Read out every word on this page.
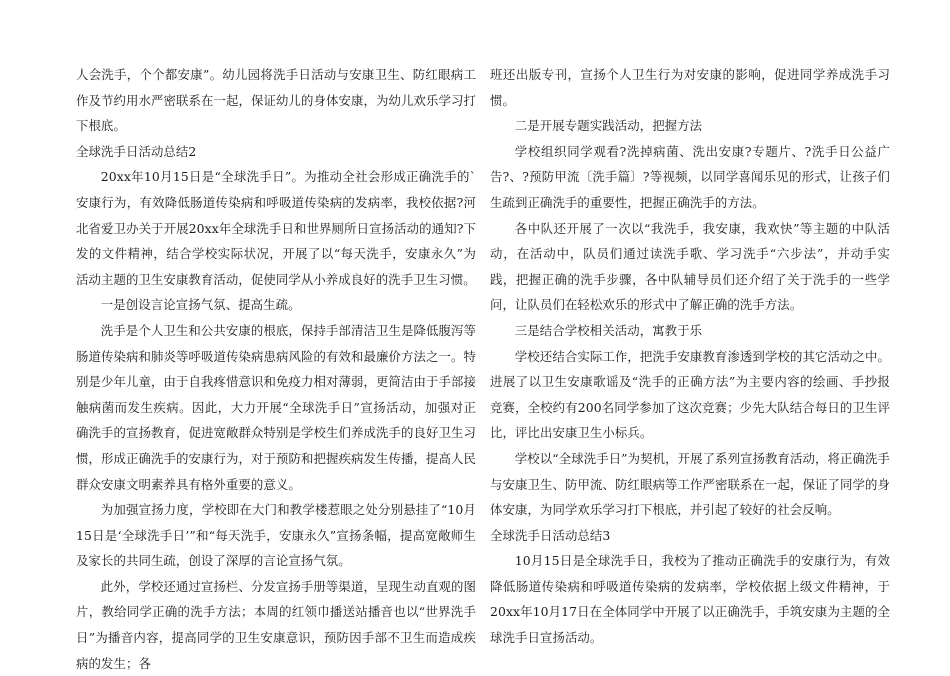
人会洗手，个个都安康”。幼儿园将洗手日活动与安康卫生、防红眼病工作及节约用水严密联系在一起，保证幼儿的身体安康，为幼儿欢乐学习打下根底。

全球洗手日活动总结2

20xx年10月15日是“全球洗手日”。为推动全社会形成正确洗手的`安康行为，有效降低肠道传染病和呼吸道传染病的发病率，我校依据?河北省爱卫办关于开展20xx年全球洗手日和世界厕所日宣扬活动的通知?下发的文件精神，结合学校实际状况，开展了以“每天洗手，安康永久”为活动主题的卫生安康教育活动，促使同学从小养成良好的洗手卫生习惯。

一是创设言论宣扬气氛、提高生疏。

洗手是个人卫生和公共安康的根底，保持手部清洁卫生是降低腹泻等肠道传染病和肺炎等呼吸道传染病患病风险的有效和最廉价方法之一。特别是少年儿童，由于自我疼惜意识和免疫力相对薄弱，更简洁由于手部接触病菌而发生疾病。因此，大力开展“全球洗手日”宣扬活动，加强对正确洗手的宣扬教育，促进宽敞群众特别是学校生们养成洗手的良好卫生习惯，形成正确洗手的安康行为，对于预防和把握疾病发生传播，提高人民群众安康文明素养具有格外重要的意义。

为加强宣扬力度，学校即在大门和教学楼惹眼之处分别悬挂了“10月15日是‘全球洗手日’”和“每天洗手，安康永久”宣扬条幅，提高宽敞师生及家长的共同生疏，创设了深厚的言论宣扬气氛。

此外，学校还通过宣扬栏、分发宣扬手册等渠道，呈现生动直观的图片，教给同学正确的洗手方法；本周的红领巾播送站播音也以“世界洗手日”为播音内容，提高同学的卫生安康意识，预防因手部不卫生而造成疾病的发生；各

班还出版专刊，宣扬个人卫生行为对安康的影响，促进同学养成洗手习惯。

二是开展专题实践活动，把握方法

学校组织同学观看?洗掉病菌、洗出安康?专题片、?洗手日公益广告?、?预防甲流〔洗手篇〕?等视频，以同学喜闻乐见的形式，让孩子们生疏到正确洗手的重要性，把握正确洗手的方法。

各中队还开展了一次以“我洗手，我安康，我欢快”等主题的中队活动，在活动中，队员们通过读洗手歌、学习洗手“六步法”，并动手实践，把握正确的洗手步骤，各中队辅导员们还介绍了关于洗手的一些学问，让队员们在轻松欢乐的形式中了解正确的洗手方法。

三是结合学校相关活动，寓教于乐

学校还结合实际工作，把洗手安康教育渗透到学校的其它活动之中。进展了以卫生安康歌谣及“洗手的正确方法”为主要内容的绘画、手抄报竞赛，全校约有200名同学参加了这次竞赛；少先大队结合每日的卫生评比，评比出安康卫生小标兵。

学校以“全球洗手日”为契机，开展了系列宣扬教育活动，将正确洗手与安康卫生、防甲流、防红眼病等工作严密联系在一起，保证了同学的身体安康，为同学欢乐学习打下根底，并引起了较好的社会反响。

全球洗手日活动总结3

10月15日是全球洗手日，我校为了推动正确洗手的安康行为，有效降低肠道传染病和呼吸道传染病的发病率，学校依据上级文件精神，于20xx年10月17日在全体同学中开展了以正确洗手，手筑安康为主题的全球洗手日宣扬活动。
